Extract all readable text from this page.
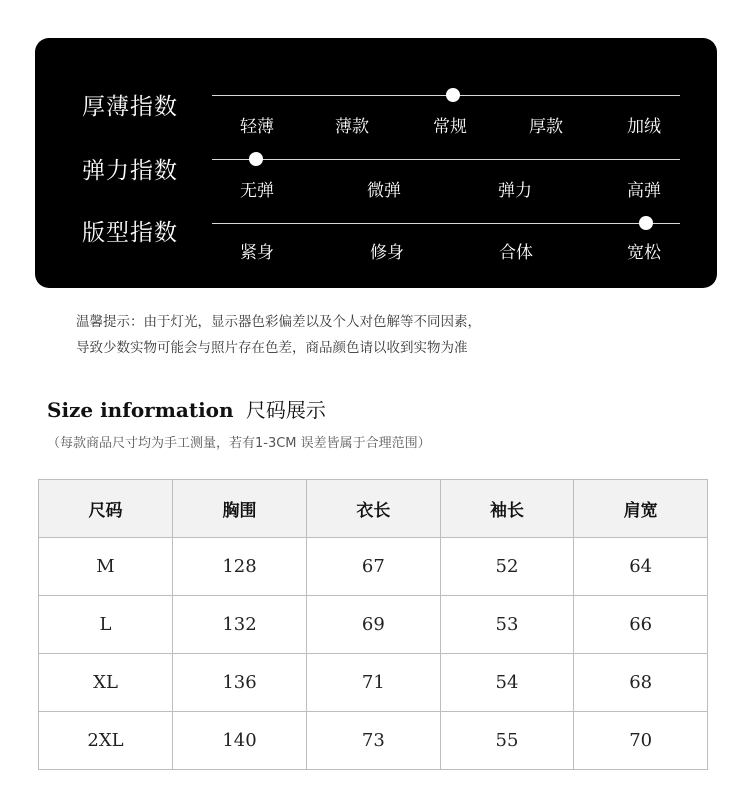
厚薄指数
轻薄	薄款	常规	厚款	加绒
弹力指数
无弹	微弹	弹力	高弹
版型指数
紧身	修身	合体	宽松
温馨提示：由于灯光，显示器色彩偏差以及个人对色解等不同因素，
导致少数实物可能会与照片存在色差，商品颜色请以收到实物为准
Size information 尺码展示
（每款商品尺寸均为手工测量，若有1-3CM 误差皆属于合理范围）
尺码	胸围	衣长	袖长	肩宽
M	128	67	52	64
L	132	69	53	66
XL	136	71	54	68
2XL	140	73	55	70
